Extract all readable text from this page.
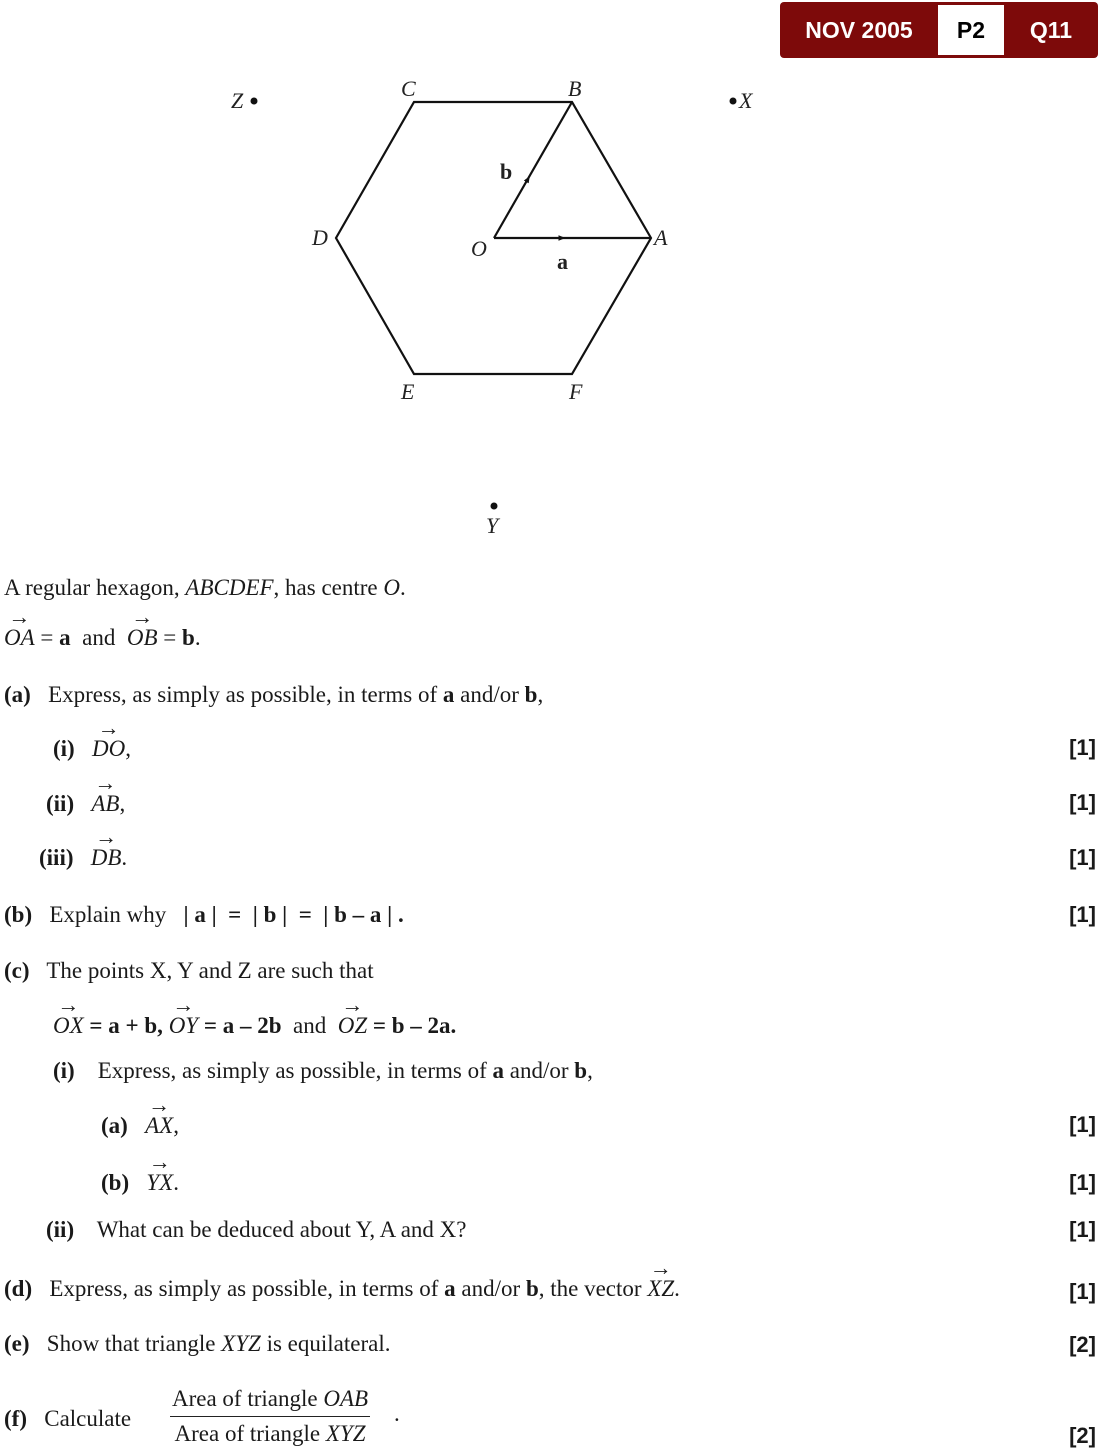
NOV 2005	P2	Q11
C	B
A
D
E	F
O
a
b
Z	X
Y
A regular hexagon, ABCDEF, has centre O.
→ OA = a and → OB = b.
(a) Express, as simply as possible, in terms of a and/or b,
(i) → DO,	[1]
(ii) → AB,	[1]
(iii) → DB.	[1]
(b) Explain why | a |  =  | b |  =  | b – a | .	[1]
(c) The points X, Y and Z are such that
→ OX = a + b, → OY = a – 2b and → OZ = b – 2a.
(i) Express, as simply as possible, in terms of a and/or b,
(a) → AX,	[1]
(b) → YX.	[1]
(ii) What can be deduced about Y, A and X?	[1]
(d) Express, as simply as possible, in terms of a and/or b, the vector → XZ.	[1]
(e) Show that triangle XYZ is equilateral.	[2]
(f) Calculate
Area of triangle OAB
Area of triangle XYZ
.
[2]
